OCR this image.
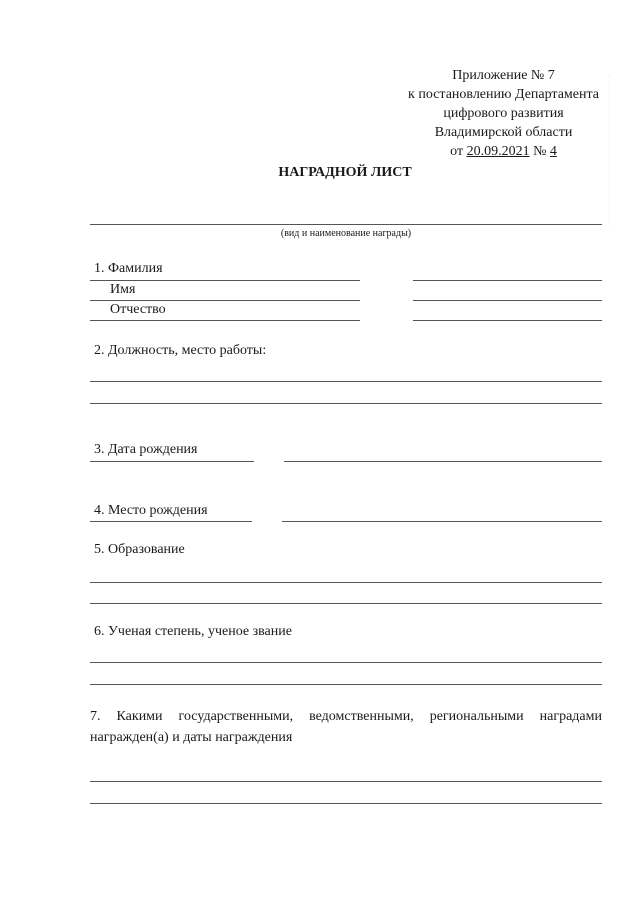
Приложение № 7
к постановлению Департамента
цифрового развития
Владимирской области
от 20.09.2021 № 4
НАГРАДНОЙ ЛИСТ
(вид и наименование награды)
1. Фамилия
Имя
Отчество
2. Должность, место работы:
3. Дата рождения
4. Место рождения
5. Образование
6. Ученая степень, ученое звание
7. Какими государственными, ведомственными, региональными наградами награжден(а) и даты награждения
